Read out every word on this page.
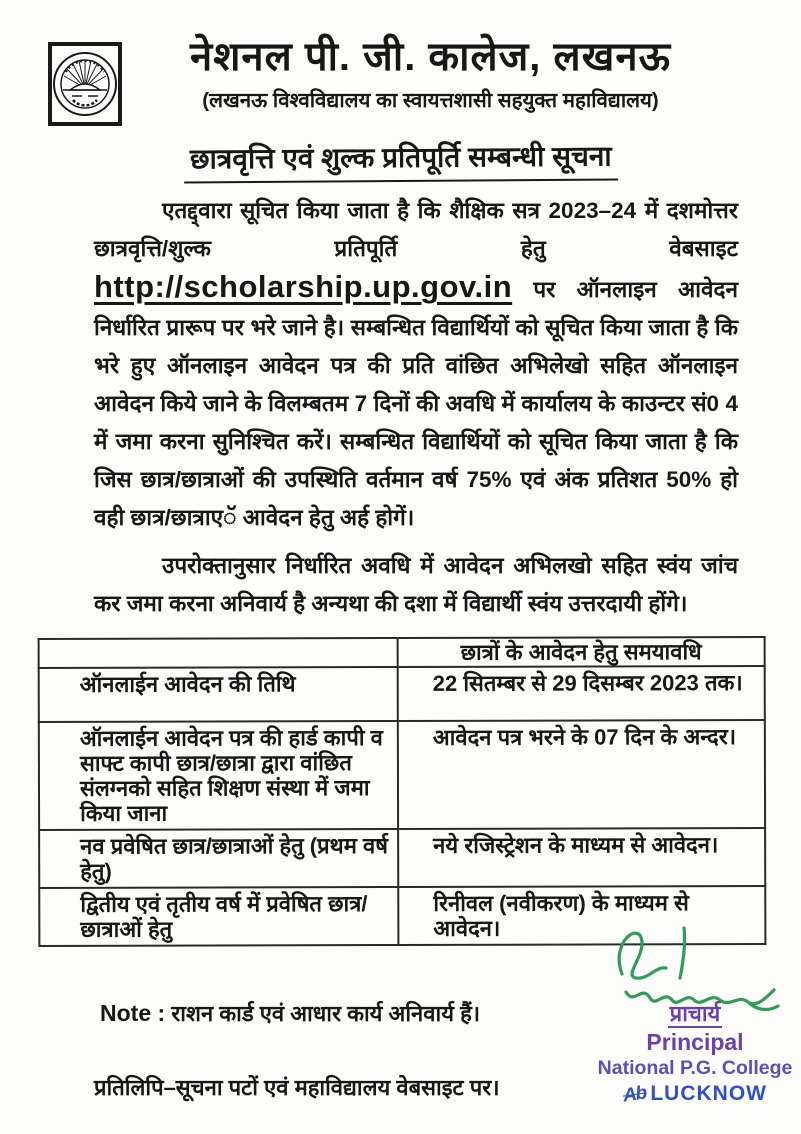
नेशनल पी. जी. कालेज, लखनऊ
(लखनऊ विश्वविद्यालय का स्वायत्तशासी सहयुक्त महाविद्यालय)
छात्रवृत्ति एवं शुल्क प्रतिपूर्ति सम्बन्धी सूचना

एतद्द्वारा सूचित किया जाता है कि शैक्षिक सत्र 2023–24 में दशमोत्तर छात्रवृत्ति/शुल्क प्रतिपूर्ति हेतु वेबसाइट

http://scholarship.up.gov.in पर ऑनलाइन आवेदन निर्धारित प्रारूप पर भरे जाने है। सम्बन्धित विद्यार्थियों को सूचित किया जाता है कि भरे हुए ऑनलाइन आवेदन पत्र की प्रति वांछित अभिलेखो सहित ऑनलाइन आवेदन किये जाने के विलम्बतम 7 दिनों की अवधि में कार्यालय के काउन्टर सं0 4 में जमा करना सुनिश्चित करें। सम्बन्धित विद्यार्थियों को सूचित किया जाता है कि जिस छात्र/छात्राओं की उपस्थिति वर्तमान वर्ष 75% एवं अंक प्रतिशत 50% हो वही छात्र/छात्राएॅ आवेदन हेतु अर्ह होगें।

उपरोक्तानुसार निर्धारित अवधि में आवेदन अभिलखो सहित स्वंय जांच कर जमा करना अनिवार्य है अन्यथा की दशा में विद्यार्थी स्वंय उत्तरदायी होंगे।

	छात्रों के आवेदन हेतु समयावधि
ऑनलाईन आवेदन की तिथि	22 सितम्बर से 29 दिसम्बर 2023 तक।
ऑनलाईन आवेदन पत्र की हार्ड कापी व साफ्ट कापी छात्र/छात्रा द्वारा वांछित संलग्नको सहित शिक्षण संस्था में जमा किया जाना	आवेदन पत्र भरने के 07 दिन के अन्दर।
नव प्रवेषित छात्र/छात्राओं हेतु (प्रथम वर्ष हेतु)	नये रजिस्ट्रेशन के माध्यम से आवेदन।
द्वितीय एवं तृतीय वर्ष में प्रवेषित छात्र/छात्राओं हेतु	रिनीवल (नवीकरण) के माध्यम से आवेदन।
Note : राशन कार्ड एवं आधार कार्य अनिवार्य हैं।
प्रतिलिपि–सूचना पटों एवं महाविद्यालय वेबसाइट पर।
प्राचार्य
Principal
National P.G. College
Ab LUCKNOW
